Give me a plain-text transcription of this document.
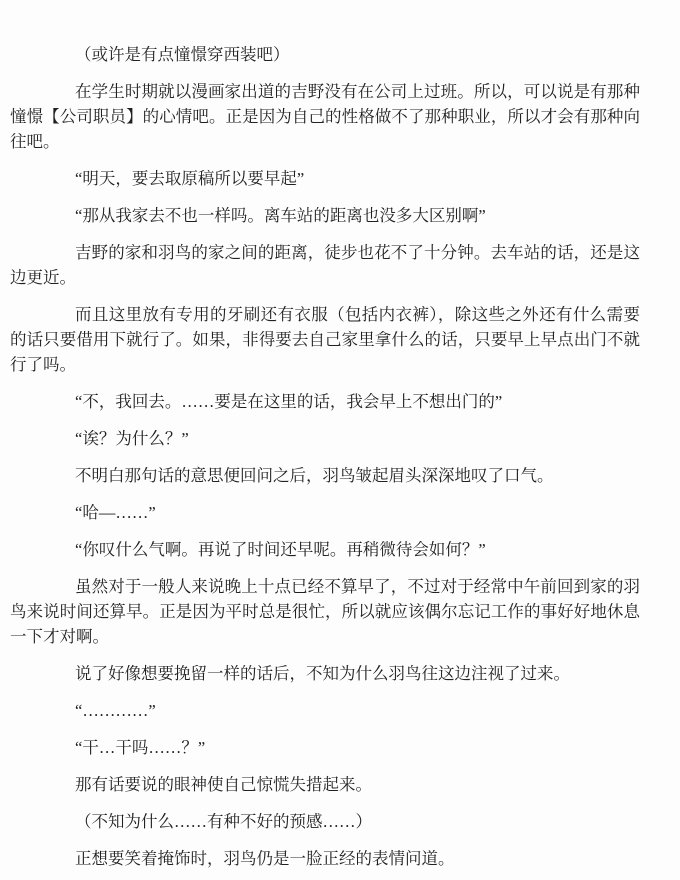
（或许是有点憧憬穿西装吧）

在学生时期就以漫画家出道的吉野没有在公司上过班。所以，可以说是有那种憧憬【公司职员】的心情吧。正是因为自己的性格做不了那种职业，所以才会有那种向往吧。

“明天，要去取原稿所以要早起”

“那从我家去不也一样吗。离车站的距离也没多大区别啊”

吉野的家和羽鸟的家之间的距离，徒步也花不了十分钟。去车站的话，还是这边更近。

而且这里放有专用的牙刷还有衣服（包括内衣裤），除这些之外还有什么需要的话只要借用下就行了。如果，非得要去自己家里拿什么的话，只要早上早点出门不就行了吗。

“不，我回去。……要是在这里的话，我会早上不想出门的”

“诶？为什么？”

不明白那句话的意思便回问之后，羽鸟皱起眉头深深地叹了口气。

“哈—……”

“你叹什么气啊。再说了时间还早呢。再稍微待会如何？”

虽然对于一般人来说晚上十点已经不算早了，不过对于经常中午前回到家的羽鸟来说时间还算早。正是因为平时总是很忙，所以就应该偶尔忘记工作的事好好地休息一下才对啊。

说了好像想要挽留一样的话后，不知为什么羽鸟往这边注视了过来。

“…………”

“干…干吗……？”

那有话要说的眼神使自己惊慌失措起来。

（不知为什么……有种不好的预感……）

正想要笑着掩饰时，羽鸟仍是一脸正经的表情问道。
